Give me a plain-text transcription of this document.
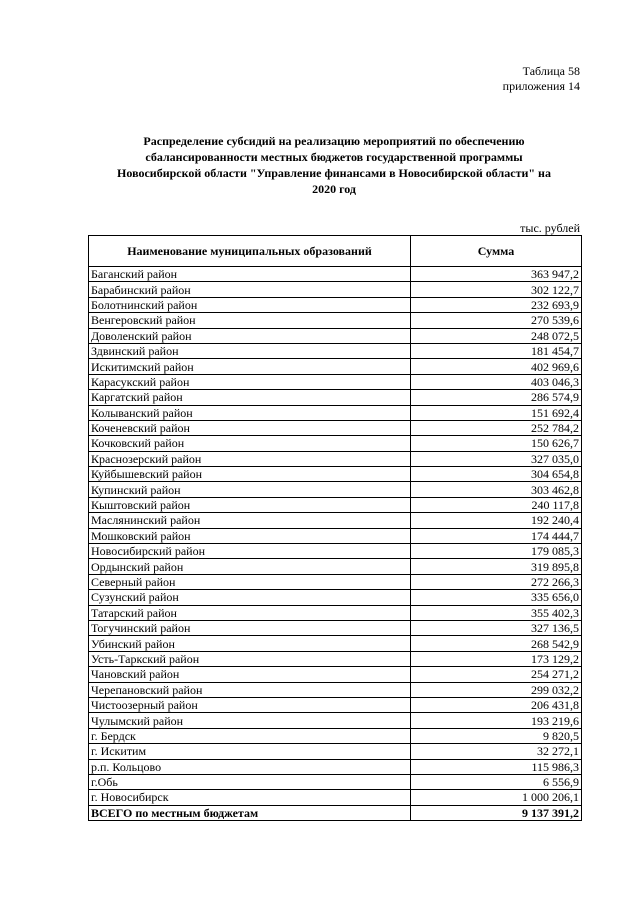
Таблица 58
приложения 14
Распределение субсидий на реализацию мероприятий по обеспечению
сбалансированности местных бюджетов государственной программы
Новосибирской области "Управление финансами в Новосибирской области" на
2020 год
тыс. рублей
Наименование муниципальных образований	Сумма
Баганский район	363 947,2
Барабинский район	302 122,7
Болотнинский район	232 693,9
Венгеровский район	270 539,6
Доволенский район	248 072,5
Здвинский район	181 454,7
Искитимский район	402 969,6
Карасукский район	403 046,3
Каргатский район	286 574,9
Колыванский район	151 692,4
Коченевский район	252 784,2
Кочковский район	150 626,7
Краснозерский район	327 035,0
Куйбышевский район	304 654,8
Купинский район	303 462,8
Кыштовский район	240 117,8
Маслянинский район	192 240,4
Мошковский район	174 444,7
Новосибирский район	179 085,3
Ордынский район	319 895,8
Северный район	272 266,3
Сузунский район	335 656,0
Татарский район	355 402,3
Тогучинский район	327 136,5
Убинский район	268 542,9
Усть-Таркский район	173 129,2
Чановский район	254 271,2
Черепановский район	299 032,2
Чистоозерный район	206 431,8
Чулымский район	193 219,6
г. Бердск	9 820,5
г. Искитим	32 272,1
р.п. Кольцово	115 986,3
г.Обь	6 556,9
г. Новосибирск	1 000 206,1
ВСЕГО по местным бюджетам	9 137 391,2
